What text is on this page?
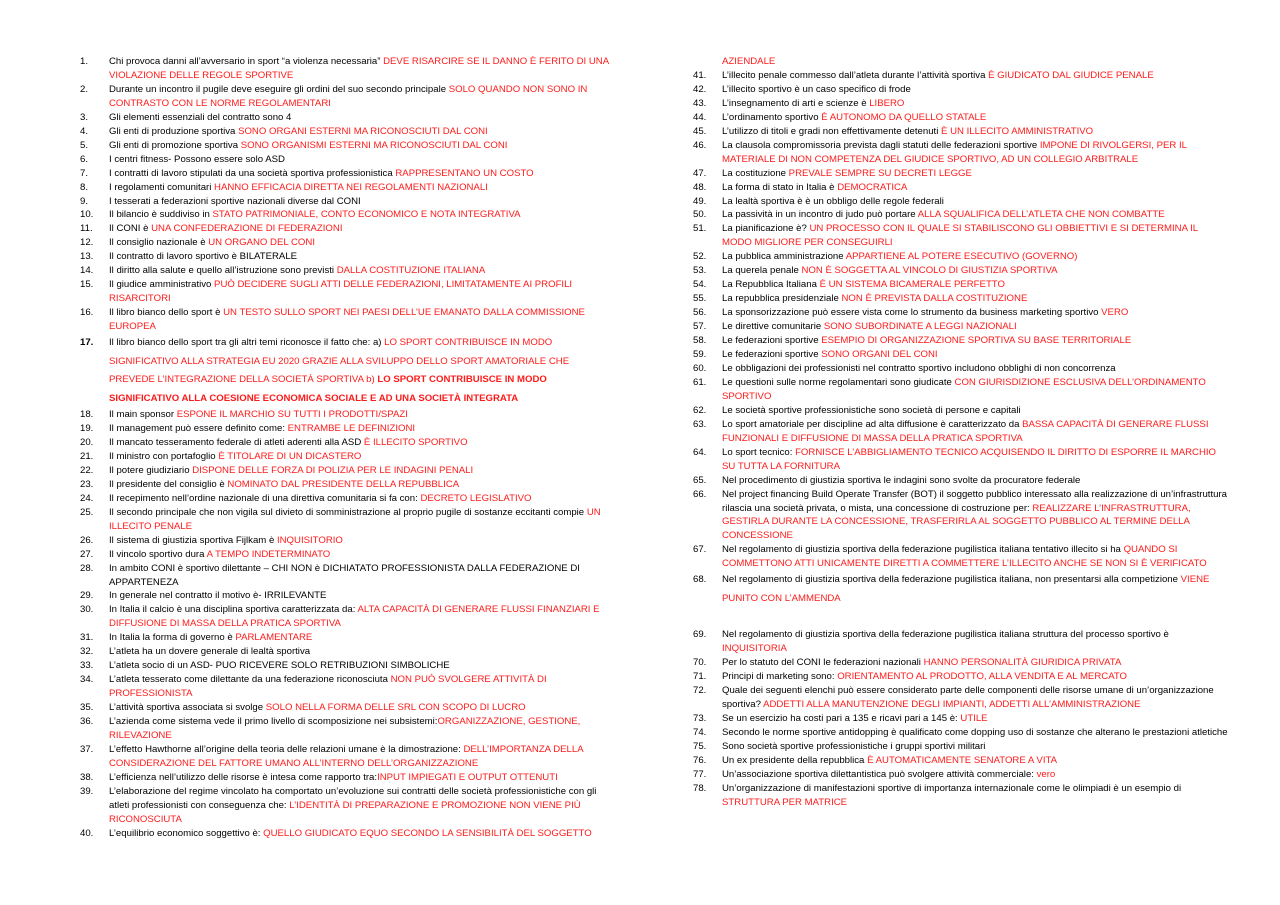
1. Chi provoca danni all’avversario in sport “a violenza necessaria” DEVE RISARCIRE SE IL DANNO È FERITO DI UNA VIOLAZIONE DELLE REGOLE SPORTIVE
2. Durante un incontro il pugile deve eseguire gli ordini del suo secondo principale SOLO QUANDO NON SONO IN CONTRASTO CON LE NORME REGOLAMENTARI
3. Gli elementi essenziali del contratto sono 4
4. Gli enti di produzione sportiva SONO ORGANI ESTERNI MA RICONOSCIUTI DAL CONI
5. Gli enti di promozione sportiva SONO ORGANISMI ESTERNI MA RICONOSCIUTI DAL CONI
6. I centri fitness- Possono essere solo ASD
7. I contratti di lavoro stipulati da una società sportiva professionistica RAPPRESENTANO UN COSTO
8. I regolamenti comunitari HANNO EFFICACIA DIRETTA NEI REGOLAMENTI NAZIONALI
9. I tesserati a federazioni sportive nazionali diverse dal CONI
10. Il bilancio è suddiviso in STATO PATRIMONIALE, CONTO ECONOMICO E NOTA INTEGRATIVA
11. Il CONI è UNA CONFEDERAZIONE DI FEDERAZIONI
12. Il consiglio nazionale è UN ORGANO DEL CONI
13. Il contratto di lavoro sportivo è BILATERALE
14. Il diritto alla salute e quello all’istruzione sono previsti DALLA COSTITUZIONE ITALIANA
15. Il giudice amministrativo PUÒ DECIDERE SUGLI ATTI DELLE FEDERAZIONI, LIMITATAMENTE AI PROFILI RISARCITORI
16. Il libro bianco dello sport è UN TESTO SULLO SPORT NEI PAESI DELL’UE EMANATO DALLA COMMISSIONE EUROPEA
17. Il libro bianco dello sport tra gli altri temi riconosce il fatto che: a) LO SPORT CONTRIBUISCE IN MODO SIGNIFICATIVO ALLA STRATEGIA EU 2020 GRAZIE ALLA SVILUPPO DELLO SPORT AMATORIALE CHE PREVEDE L’INTEGRAZIONE DELLA SOCIETÀ SPORTIVA b) LO SPORT CONTRIBUISCE IN MODO SIGNIFICATIVO ALLA COESIONE ECONOMICA SOCIALE E AD UNA SOCIETÀ INTEGRATA
18. Il main sponsor ESPONE IL MARCHIO SU TUTTI I PRODOTTI/SPAZI
19. Il management può essere definito come: ENTRAMBE LE DEFINIZIONI
20. Il mancato tesseramento federale di atleti aderenti alla ASD È ILLECITO SPORTIVO
21. Il ministro con portafoglio È TITOLARE DI UN DICASTERO
22. Il potere giudiziario DISPONE DELLE FORZA DI POLIZIA PER LE INDAGINI PENALI
23. Il presidente del consiglio è NOMINATO DAL PRESIDENTE DELLA REPUBBLICA
24. Il recepimento nell’ordine nazionale di una direttiva comunitaria si fa con: DECRETO LEGISLATIVO
25. Il secondo principale che non vigila sul divieto di somministrazione al proprio pugile di sostanze eccitanti compie UN ILLECITO PENALE
26. Il sistema di giustizia sportiva Fijlkam è INQUISITORIO
27. Il vincolo sportivo dura A TEMPO INDETERMINATO
28. In ambito CONI è sportivo dilettante – CHI NON è DICHIATATO PROFESSIONISTA DALLA FEDERAZIONE DI APPARTENEZA
29. In generale nel contratto il motivo è- IRRILEVANTE
30. In Italia il calcio è una disciplina sportiva caratterizzata da: ALTA CAPACITÀ DI GENERARE FLUSSI FINANZIARI E DIFFUSIONE DI MASSA DELLA PRATICA SPORTIVA
31. In Italia la forma di governo è PARLAMENTARE
32. L’atleta ha un dovere generale di lealtà sportiva
33. L’atleta socio di un ASD- PUO RICEVERE SOLO RETRIBUZIONI SIMBOLICHE
34. L’atleta tesserato come dilettante da una federazione riconosciuta NON PUÒ SVOLGERE ATTIVITÀ DI PROFESSIONISTA
35. L’attività sportiva associata si svolge SOLO NELLA FORMA DELLE SRL CON SCOPO DI LUCRO
36. L’azienda come sistema vede il primo livello di scomposizione nei subsistemi:ORGANIZZAZIONE, GESTIONE, RILEVAZIONE
37. L’effetto Hawthorne all’origine della teoria delle relazioni umane è la dimostrazione: DELL’IMPORTANZA DELLA CONSIDERAZIONE DEL FATTORE UMANO ALL’INTERNO DELL’ORGANIZZAZIONE
38. L’efficienza nell’utilizzo delle risorse è intesa come rapporto tra:INPUT IMPIEGATI E OUTPUT OTTENUTI
39. L’elaborazione del regime vincolato ha comportato un’evoluzione sui contratti delle società professionistiche con gli atleti professionisti con conseguenza che: L’IDENTITÀ DI PREPARAZIONE E PROMOZIONE NON VIENE PIÙ RICONOSCIUTA
40. L’equilibrio economico soggettivo è: QUELLO GIUDICATO EQUO SECONDO LA SENSIBILITÀ DEL SOGGETTO
AZIENDALE
41. L’illecito penale commesso dall’atleta durante l’attività sportiva È GIUDICATO DAL GIUDICE PENALE
42. L’illecito sportivo è un caso specifico di frode
43. L’insegnamento di arti e scienze è LIBERO
44. L’ordinamento sportivo È AUTONOMO DA QUELLO STATALE
45. L’utilizzo di titoli e gradi non effettivamente detenuti È UN ILLECITO AMMINISTRATIVO
46. La clausola compromissoria prevista dagli statuti delle federazioni sportive IMPONE DI RIVOLGERSI, PER IL MATERIALE DI NON COMPETENZA DEL GIUDICE SPORTIVO, AD UN COLLEGIO ARBITRALE
47. La costituzione PREVALE SEMPRE SU DECRETI LEGGE
48. La forma di stato in Italia è DEMOCRATICA
49. La lealtà sportiva è è un obbligo delle regole federali
50. La passività in un incontro di judo può portare ALLA SQUALIFICA DELL’ATLETA CHE NON COMBATTE
51. La pianificazione è? UN PROCESSO CON IL QUALE SI STABILISCONO GLI OBBIETTIVI E SI DETERMINA IL MODO MIGLIORE PER CONSEGUIRLI
52. La pubblica amministrazione APPARTIENE AL POTERE ESECUTIVO (GOVERNO)
53. La querela penale NON È SOGGETTA AL VINCOLO DI GIUSTIZIA SPORTIVA
54. La Repubblica Italiana È UN SISTEMA BICAMERALE PERFETTO
55. La repubblica presidenziale NON È PREVISTA DALLA COSTITUZIONE
56. La sponsorizzazione può essere vista come lo strumento da business marketing sportivo VERO
57. Le direttive comunitarie SONO SUBORDINATE A LEGGI NAZIONALI
58. Le federazioni sportive ESEMPIO DI ORGANIZZAZIONE SPORTIVA SU BASE TERRITORIALE
59. Le federazioni sportive SONO ORGANI DEL CONI
60. Le obbligazioni dei professionisti nel contratto sportivo includono obblighi di non concorrenza
61. Le questioni sulle norme regolamentari sono giudicate CON GIURISDIZIONE ESCLUSIVA DELL’ORDINAMENTO SPORTIVO
62. Le società sportive professionistiche sono società di persone e capitali
63. Lo sport amatoriale per discipline ad alta diffusione è caratterizzato da BASSA CAPACITÀ DI GENERARE FLUSSI FUNZIONALI E DIFFUSIONE DI MASSA DELLA PRATICA SPORTIVA
64. Lo sport tecnico: FORNISCE L’ABBIGLIAMENTO TECNICO ACQUISENDO IL DIRITTO DI ESPORRE IL MARCHIO SU TUTTA LA FORNITURA
65. Nel procedimento di giustizia sportiva le indagini sono svolte da procuratore federale
66. Nel project financing Build Operate Transfer (BOT) il soggetto pubblico interessato alla realizzazione di un’infrastruttura rilascia una società privata, o mista, una concessione di costruzione per: REALIZZARE L’INFRASTRUTTURA, GESTIRLA DURANTE LA CONCESSIONE, TRASFERIRLA AL SOGGETTO PUBBLICO AL TERMINE DELLA CONCESSIONE
67. Nel regolamento di giustizia sportiva della federazione pugilistica italiana tentativo illecito si ha QUANDO SI COMMETTONO ATTI UNICAMENTE DIRETTI A COMMETTERE L’ILLECITO ANCHE SE NON SI È VERIFICATO
68. Nel regolamento di giustizia sportiva della federazione pugilistica italiana, non presentarsi alla competizione VIENE PUNITO CON L’AMMENDA
69. Nel regolamento di giustizia sportiva della federazione pugilistica italiana struttura del processo sportivo è INQUISITORIA
70. Per lo statuto del CONI le federazioni nazionali HANNO PERSONALITÀ GIURIDICA PRIVATA
71. Principi di marketing sono: ORIENTAMENTO AL PRODOTTO, ALLA VENDITA E AL MERCATO
72. Quale dei seguenti elenchi può essere considerato parte delle componenti delle risorse umane di un’organizzazione sportiva? ADDETTI ALLA MANUTENZIONE DEGLI IMPIANTI, ADDETTI ALL’AMMINISTRAZIONE
73. Se un esercizio ha costi pari a 135 e ricavi pari a 145 è: UTILE
74. Secondo le norme sportive antidopping è qualificato come dopping uso di sostanze che alterano le prestazioni atletiche
75. Sono società sportive professionistiche i gruppi sportivi militari
76. Un ex presidente della repubblica È AUTOMATICAMENTE SENATORE A VITA
77. Un’associazione sportiva dilettantistica può svolgere attività commerciale: vero
78. Un’organizzazione di manifestazioni sportive di importanza internazionale come le olimpiadi è un esempio di STRUTTURA PER MATRICE
